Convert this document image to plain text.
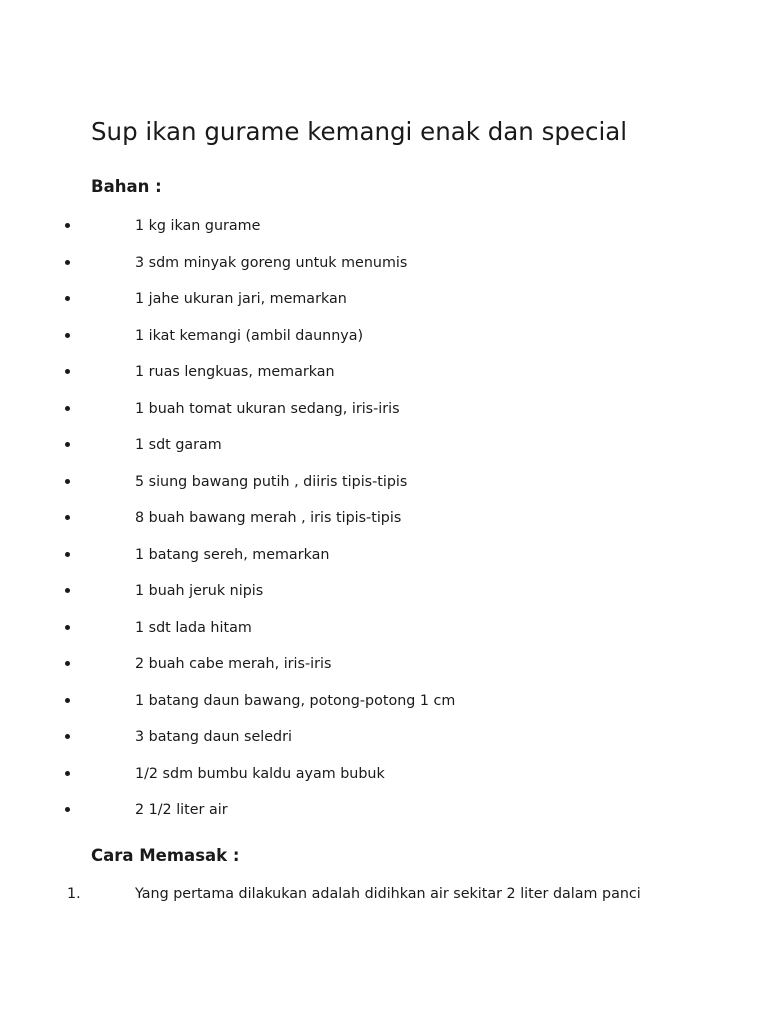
Sup ikan gurame kemangi enak dan special
Bahan :
1 kg ikan gurame
3 sdm minyak goreng untuk menumis
1 jahe ukuran jari, memarkan
1 ikat kemangi (ambil daunnya)
1 ruas lengkuas, memarkan
1 buah tomat ukuran sedang, iris-iris
1 sdt garam
5 siung bawang putih , diiris tipis-tipis
8 buah bawang merah , iris tipis-tipis
1 batang sereh, memarkan
1 buah jeruk nipis
1 sdt lada hitam
2 buah cabe merah, iris-iris
1 batang daun bawang, potong-potong 1 cm
3 batang daun seledri
1/2 sdm bumbu kaldu ayam bubuk
2 1/2 liter air
Cara Memasak :
1.	Yang pertama dilakukan adalah didihkan air sekitar 2 liter dalam panci
